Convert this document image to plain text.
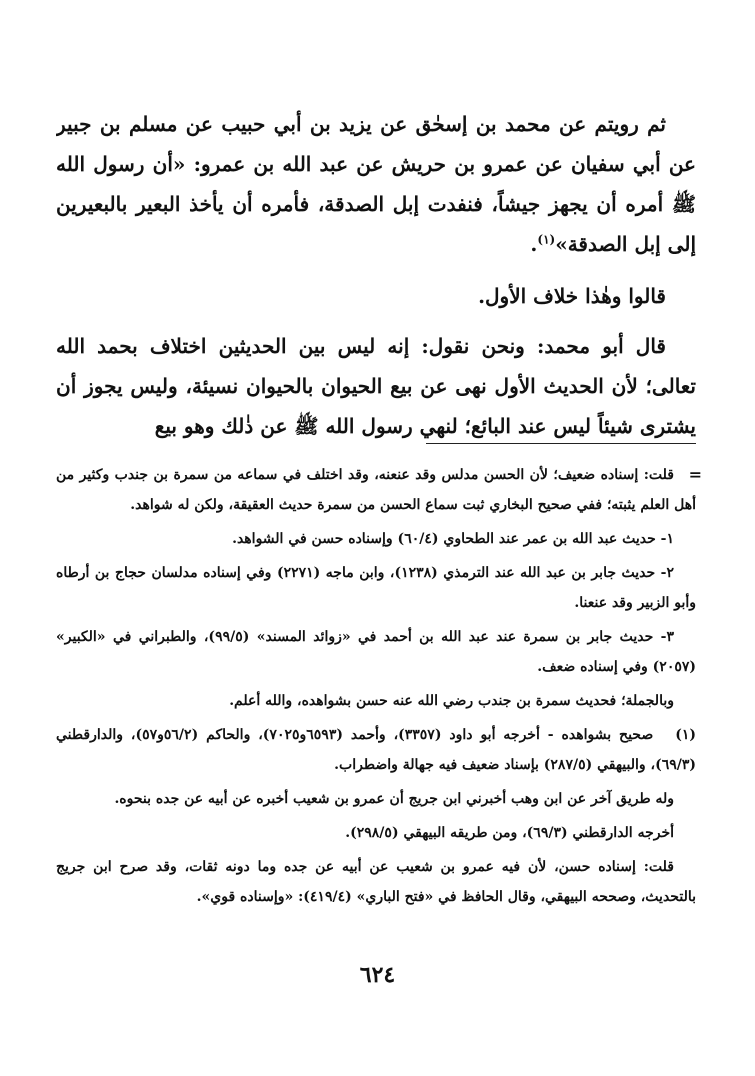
ثم رويتم عن محمد بن إسحٰق عن يزيد بن أبي حبيب عن مسلم بن جبير عن أبي سفيان عن عمرو بن حريش عن عبد الله بن عمرو: «أن رسول الله ﷺ أمره أن يجهز جيشاً، فنفدت إبل الصدقة، فأمره أن يأخذ البعير بالبعيرين إلى إبل الصدقة»$^{(١)}$.

قالوا وهٰذا خلاف الأول.

قال أبو محمد: ونحن نقول: إنه ليس بين الحديثين اختلاف بحمد الله تعالى؛ لأن الحديث الأول نهى عن بيع الحيوان بالحيوان نسيئة، وليس يجوز أن يشترى شيئاً ليس عند البائع؛ لنهي رسول الله ﷺ عن ذٰلك وهو بيع

=
قلت: إسناده ضعيف؛ لأن الحسن مدلس وقد عنعنه، وقد اختلف في سماعه من سمرة بن جندب وكثير من أهل العلم يثبته؛ ففي صحيح البخاري ثبت سماع الحسن من سمرة حديث العقيقة، ولكن له شواهد.

١- حديث عبد الله بن عمر عند الطحاوي (٦٠/٤) وإسناده حسن في الشواهد.

٢- حديث جابر بن عبد الله عند الترمذي (١٢٣٨)، وابن ماجه (٢٢٧١) وفي إسناده مدلسان حجاج بن أرطاه وأبو الزبير وقد عنعنا.

٣- حديث جابر بن سمرة عند عبد الله بن أحمد في «زوائد المسند» (٩٩/٥)، والطبراني في «الكبير» (٢٠٥٧) وفي إسناده ضعف.

وبالجملة؛ فحديث سمرة بن جندب رضي الله عنه حسن بشواهده، والله أعلم.

(١)صحيح بشواهده - أخرجه أبو داود (٣٣٥٧)، وأحمد (٦٥٩٣و٧٠٢٥)، والحاكم (٥٦/٢و٥٧)، والدارقطني (٦٩/٣)، والبيهقي (٢٨٧/٥) بإسناد ضعيف فيه جهالة واضطراب.

وله طريق آخر عن ابن وهب أخبرني ابن جريج أن عمرو بن شعيب أخبره عن أبيه عن جده بنحوه.

أخرجه الدارقطني (٦٩/٣)، ومن طريقه البيهقي (٢٩٨/٥).

قلت: إسناده حسن، لأن فيه عمرو بن شعيب عن أبيه عن جده وما دونه ثقات، وقد صرح ابن جريج بالتحديث، وصححه البيهقي، وقال الحافظ في «فتح الباري» (٤١٩/٤): «وإسناده قوي».

٦٢٤
